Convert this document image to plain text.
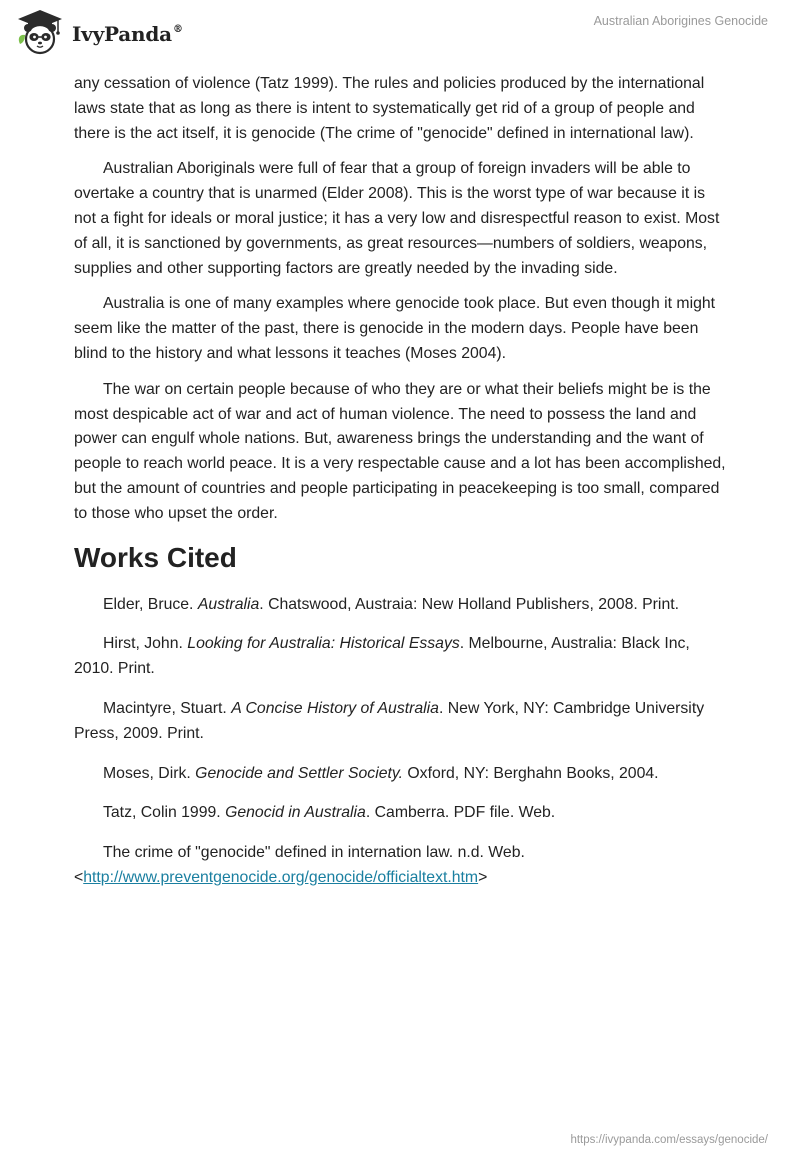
IvyPanda®
Australian Aborigines Genocide

any cessation of violence (Tatz 1999). The rules and policies produced by the international laws state that as long as there is intent to systematically get rid of a group of people and there is the act itself, it is genocide (The crime of "genocide" defined in international law).

Australian Aboriginals were full of fear that a group of foreign invaders will be able to overtake a country that is unarmed (Elder 2008). This is the worst type of war because it is not a fight for ideals or moral justice; it has a very low and disrespectful reason to exist. Most of all, it is sanctioned by governments, as great resources—numbers of soldiers, weapons, supplies and other supporting factors are greatly needed by the invading side.

Australia is one of many examples where genocide took place. But even though it might seem like the matter of the past, there is genocide in the modern days. People have been blind to the history and what lessons it teaches (Moses 2004).

The war on certain people because of who they are or what their beliefs might be is the most despicable act of war and act of human violence. The need to possess the land and power can engulf whole nations. But, awareness brings the understanding and the want of people to reach world peace. It is a very respectable cause and a lot has been accomplished, but the amount of countries and people participating in peacekeeping is too small, compared to those who upset the order.

Works Cited

Elder, Bruce. Australia. Chatswood, Austraia: New Holland Publishers, 2008. Print.

Hirst, John. Looking for Australia: Historical Essays. Melbourne, Australia: Black Inc, 2010. Print.

Macintyre, Stuart. A Concise History of Australia. New York, NY: Cambridge University Press, 2009. Print.

Moses, Dirk. Genocide and Settler Society. Oxford, NY: Berghahn Books, 2004.

Tatz, Colin 1999. Genocid in Australia. Camberra. PDF file. Web.

The crime of "genocide" defined in internation law. n.d. Web.
<http://www.preventgenocide.org/genocide/officialtext.htm>

https://ivypanda.com/essays/genocide/
